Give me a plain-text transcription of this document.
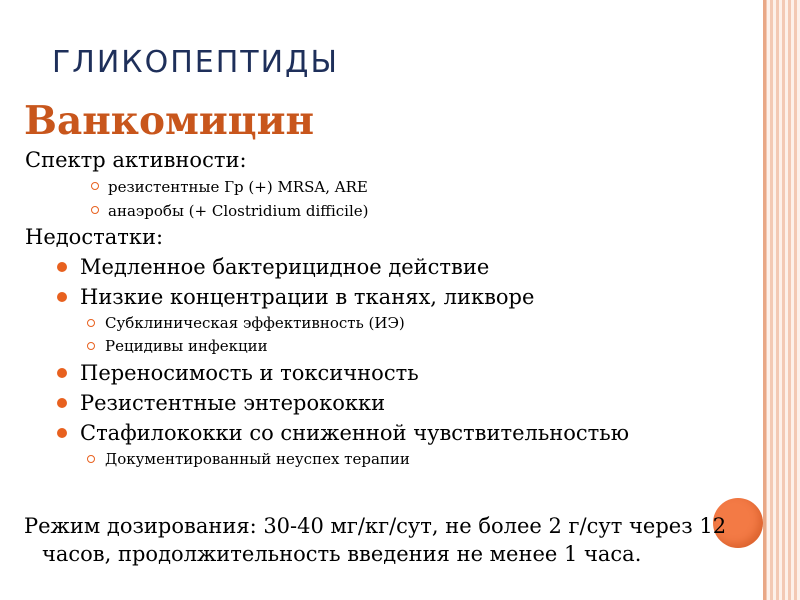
ГЛИКОПЕПТИДЫ
Ванкомицин
Спектр активности:
резистентные Гр (+) MRSA, ARE
анаэробы (+ Clostridium difficile)
Недостатки:
Медленное бактерицидное действие
Низкие концентрации в тканях, ликворе
Субклиническая эффективность (ИЭ)
Рецидивы инфекции
Переносимость и токсичность
Резистентные энтерококки
Стафилококки со сниженной чувствительностью
Документированный неуспех терапии
Режим дозирования: 30-40 мг/кг/сут, не более 2 г/сут через 12 часов, продолжительность введения не менее 1 часа.
